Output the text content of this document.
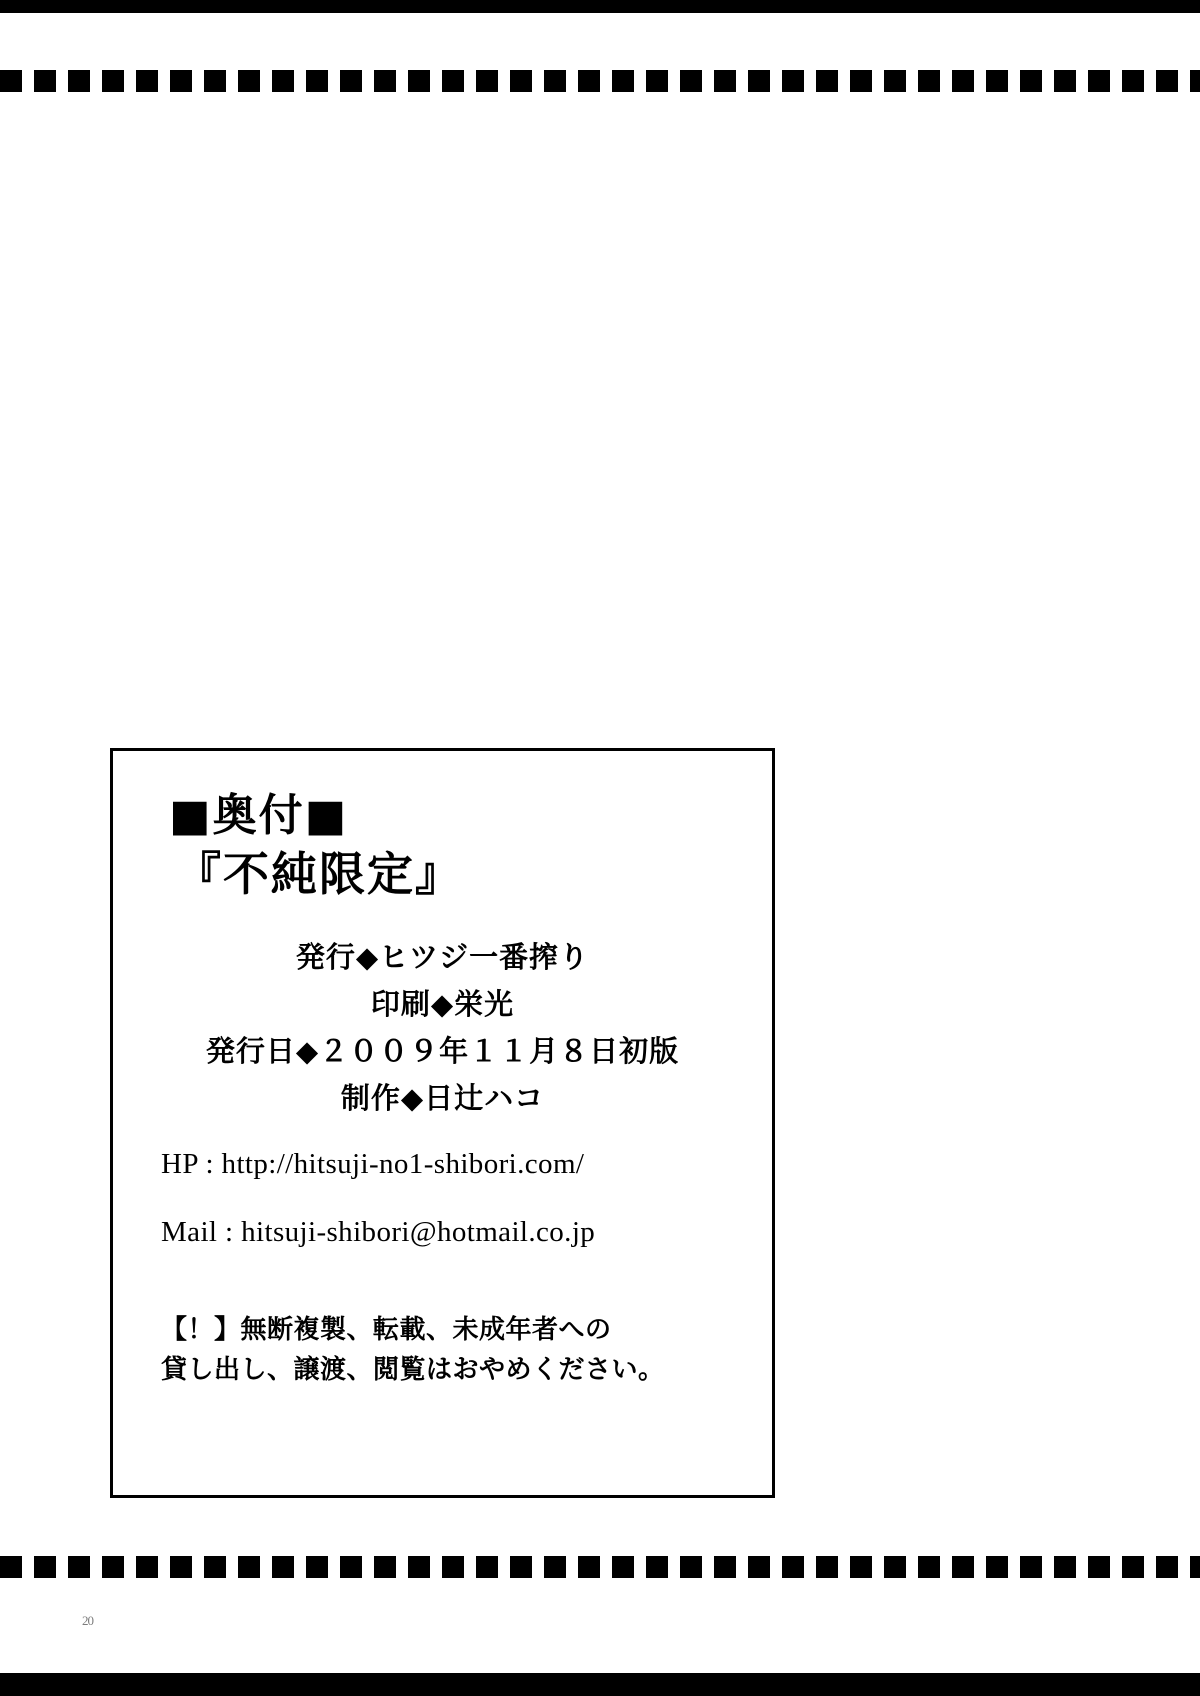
■奥付■
『不純限定』
発行◆ヒツジ一番搾り
印刷◆栄光
発行日◆２００９年１１月８日初版
制作◆日辻ハコ
HP : http://hitsuji-no1-shibori.com/
Mail : hitsuji-shibori@hotmail.co.jp
【！】無断複製、転載、未成年者への
貸し出し、譲渡、閲覧はおやめください。
20
